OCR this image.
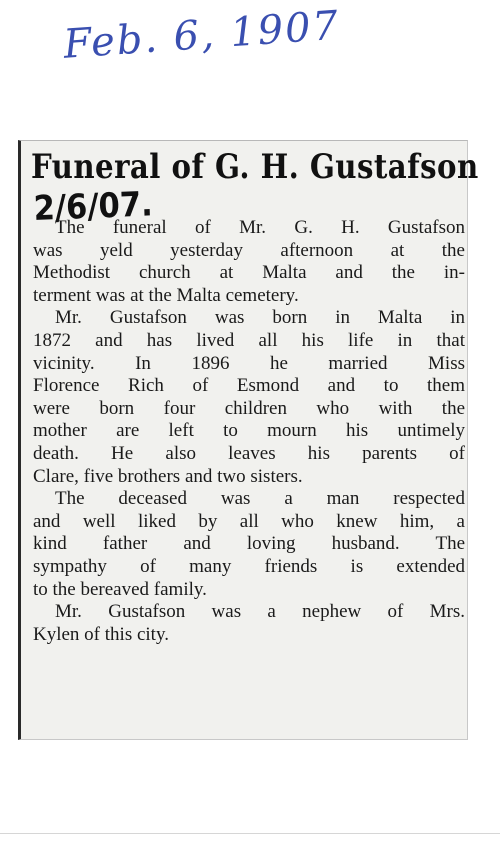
Feb. 6, 1907
Funeral of G. H. Gustafson
2/6/07.
The funeral of Mr. G. H. Gustafson
was yeld yesterday afternoon at the
Methodist church at Malta and the in-
terment was at the Malta cemetery.
Mr. Gustafson was born in Malta in
1872 and has lived all his life in that
vicinity. In 1896 he married Miss
Florence Rich of Esmond and to them
were born four children who with the
mother are left to mourn his untimely
death. He also leaves his parents of
Clare, five brothers and two sisters.
The deceased was a man respected
and well liked by all who knew him, a
kind father and loving husband. The
sympathy of many friends is extended
to the bereaved family.
Mr. Gustafson was a nephew of Mrs.
Kylen of this city.
